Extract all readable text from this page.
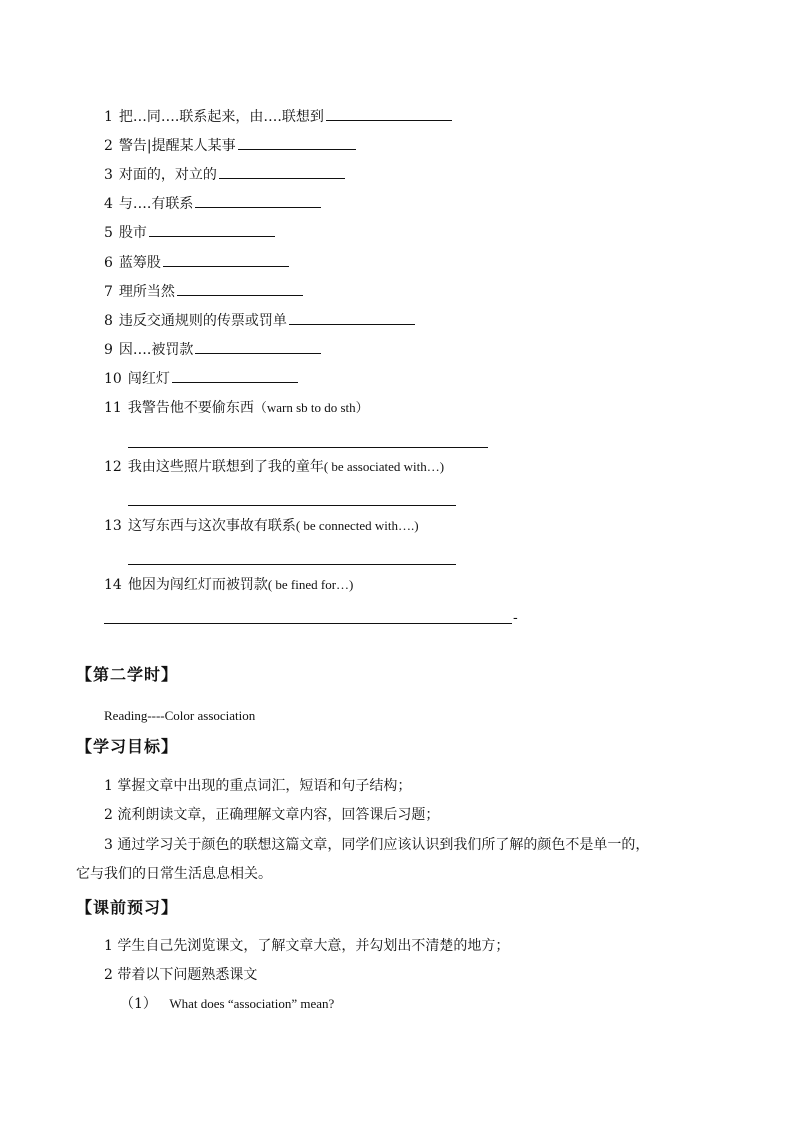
1 把…同….联系起来，由….联想到
2 警告|提醒某人某事
3 对面的，对立的
4 与….有联系
5 股市
6 蓝筹股
7 理所当然
8 违反交通规则的传票或罚单
9 因….被罚款
10 闯红灯
11 我警告他不要偷东西（warn sb to do sth）
12 我由这些照片联想到了我的童年( be associated with…)
13 这写东西与这次事故有联系( be connected with….)
14 他因为闯红灯而被罚款( be fined for…)
-
【第二学时】
Reading----Color association
【学习目标】
1 掌握文章中出现的重点词汇，短语和句子结构；
2 流利朗读文章，正确理解文章内容，回答课后习题；
3 通过学习关于颜色的联想这篇文章，同学们应该认识到我们所了解的颜色不是单一的，
它与我们的日常生活息息相关。
【课前预习】
1 学生自己先浏览课文，了解文章大意，并勾划出不清楚的地方；
2 带着以下问题熟悉课文
（1） What does “association” mean?
